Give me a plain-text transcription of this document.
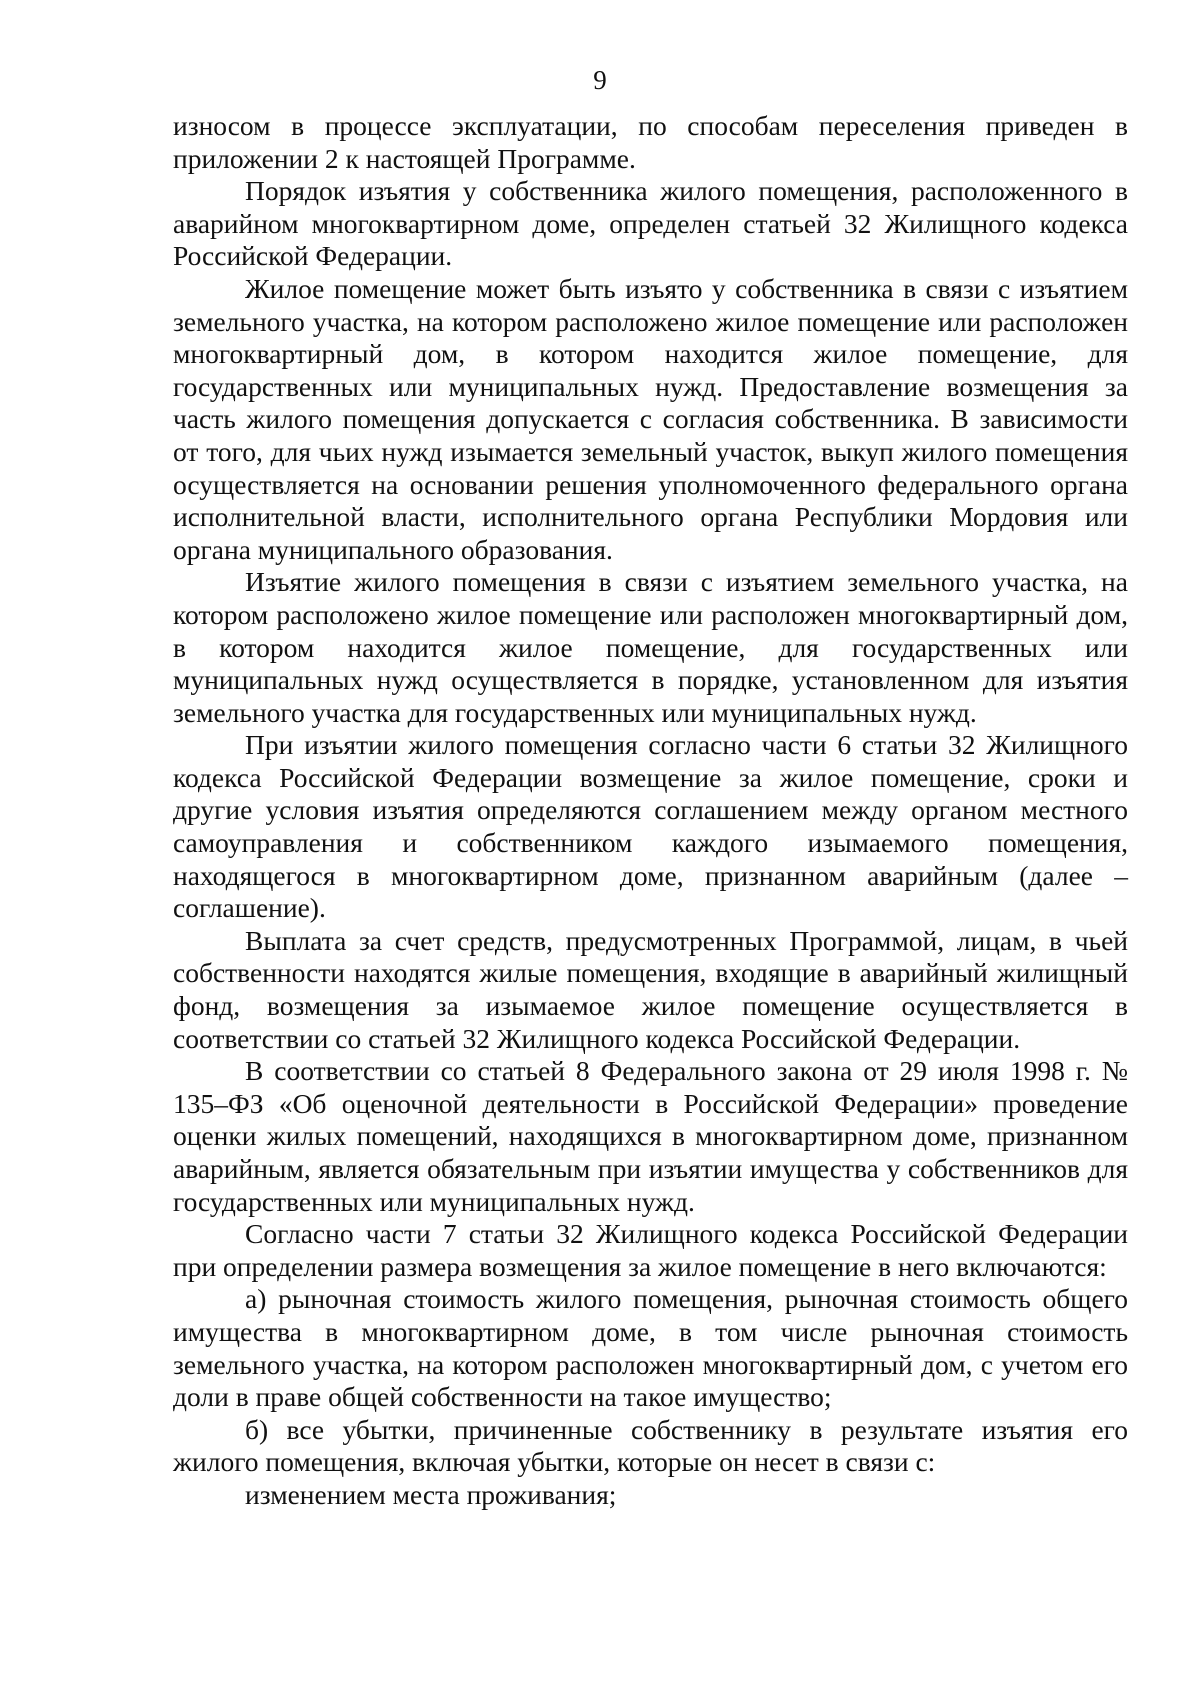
9

износом в процессе эксплуатации, по способам переселения приведен в приложении 2 к настоящей Программе.

Порядок изъятия у собственника жилого помещения, расположенного в аварийном многоквартирном доме, определен статьей 32 Жилищного кодекса Российской Федерации.

Жилое помещение может быть изъято у собственника в связи с изъятием земельного участка, на котором расположено жилое помещение или расположен многоквартирный дом, в котором находится жилое помещение, для государственных или муниципальных нужд. Предоставление возмещения за часть жилого помещения допускается с согласия собственника. В зависимости от того, для чьих нужд изымается земельный участок, выкуп жилого помещения осуществляется на основании решения уполномоченного федерального органа исполнительной власти, исполнительного органа Республики Мордовия или органа муниципального образования.

Изъятие жилого помещения в связи с изъятием земельного участка, на котором расположено жилое помещение или расположен многоквартирный дом, в котором находится жилое помещение, для государственных или муниципальных нужд осуществляется в порядке, установленном для изъятия земельного участка для государственных или муниципальных нужд.

При изъятии жилого помещения согласно части 6 статьи 32 Жилищного кодекса Российской Федерации возмещение за жилое помещение, сроки и другие условия изъятия определяются соглашением между органом местного самоуправления и собственником каждого изымаемого помещения, находящегося в многоквартирном доме, признанном аварийным (далее – соглашение).

Выплата за счет средств, предусмотренных Программой, лицам, в чьей собственности находятся жилые помещения, входящие в аварийный жилищный фонд, возмещения за изымаемое жилое помещение осуществляется в соответствии со статьей 32 Жилищного кодекса Российской Федерации.

В соответствии со статьей 8 Федерального закона от 29 июля 1998 г. № 135–ФЗ «Об оценочной деятельности в Российской Федерации» проведение оценки жилых помещений, находящихся в многоквартирном доме, признанном аварийным, является обязательным при изъятии имущества у собственников для государственных или муниципальных нужд.

Согласно части 7 статьи 32 Жилищного кодекса Российской Федерации при определении размера возмещения за жилое помещение в него включаются:

а) рыночная стоимость жилого помещения, рыночная стоимость общего имущества в многоквартирном доме, в том числе рыночная стоимость земельного участка, на котором расположен многоквартирный дом, с учетом его доли в праве общей собственности на такое имущество;

б) все убытки, причиненные собственнику в результате изъятия его жилого помещения, включая убытки, которые он несет в связи с:

изменением места проживания;
